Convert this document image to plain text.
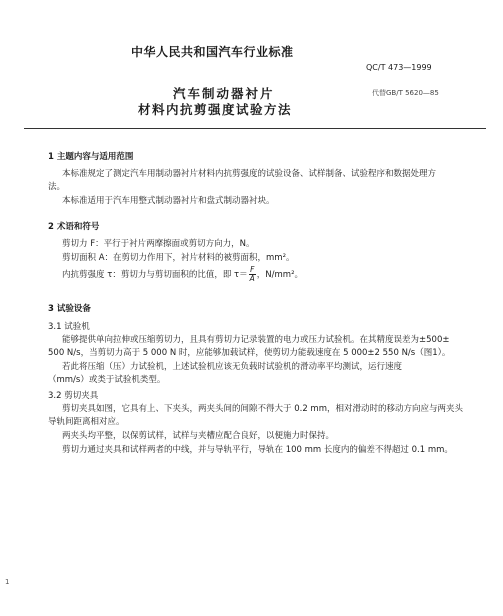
中华人民共和国汽车行业标准
QC/T 473—1999
汽车制动器衬片
材料内抗剪强度试验方法
代替GB/T 5620—85
1 主题内容与适用范围
本标准规定了测定汽车用制动器衬片材料内抗剪强度的试验设备、试样制备、试验程序和数据处理方
法。
本标准适用于汽车用整式制动器衬片和盘式制动器衬块。
2 术语和符号
剪切力 F：平行于衬片两摩擦面或剪切方向力，N。
剪切面积 A：在剪切力作用下，衬片材料的被剪面积，mm²。
内抗剪强度 τ：剪切力与剪切面积的比值，即 $\tau= \frac{F}{A}$ ，N/mm²。
3 试验设备
3.1 试验机
能够提供单向拉伸或压缩剪切力，且具有剪切力记录装置的电力或压力试验机。在其精度误差为±500±
500 N/s，当剪切力高于 5 000 N 时，应能够加载试样，使剪切力能载速度在 5 000±2 550 N/s（图1）。
若此将压缩（压）力试验机，上述试验机应该无负载时试验机的滑动率平均测试，运行速度
（mm/s）或类于试验机类型。
3.2 剪切夹具
剪切夹具如图，它具有上、下夹头，两夹头间的间隙不得大于 0.2 mm，相对滑动时的移动方向应与两夹头
导轨间距离相对应。
两夹头均平整，以保剪试样，试样与夹槽应配合良好，以便施力时保持。
剪切力通过夹具和试样两者的中线，并与导轨平行，导轨在 100 mm 长度内的偏差不得超过 0.1 mm。
1
